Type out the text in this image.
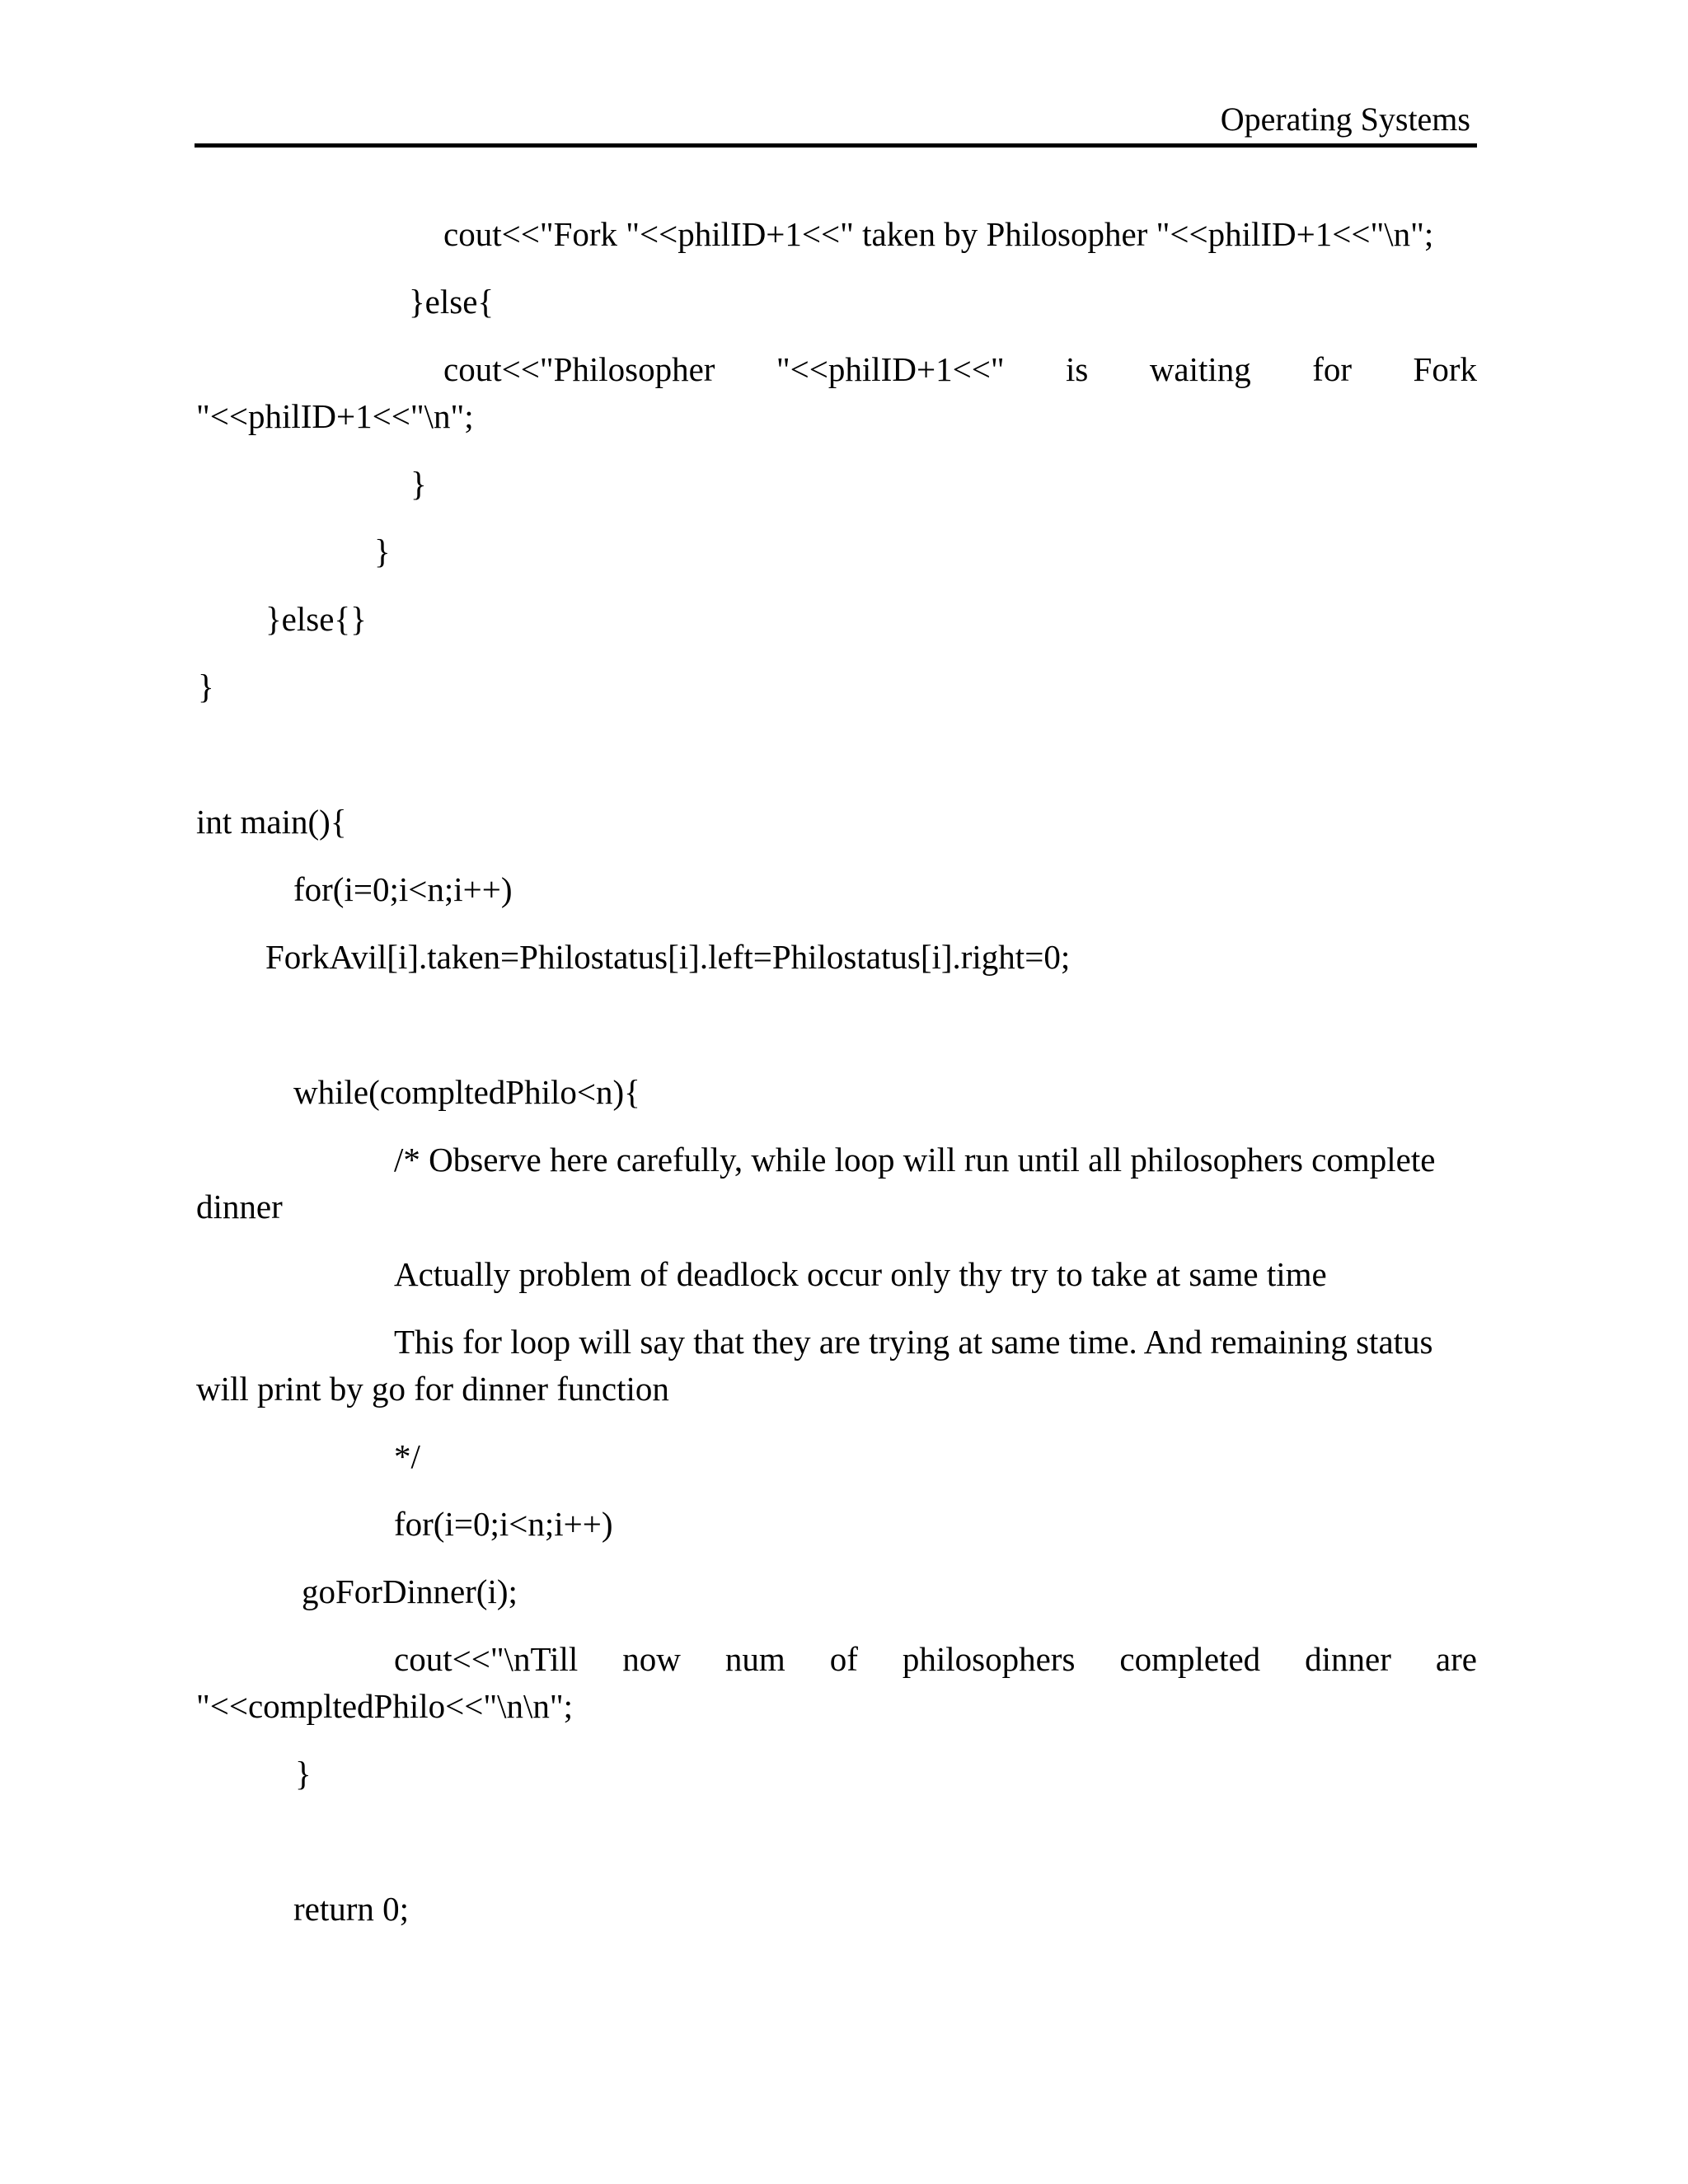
Operating Systems
cout<<"Fork "<<philID+1<<" taken by Philosopher "<<philID+1<<"\n";
}else{
cout<<"Philosopher "<<philID+1<<" is waiting for Fork
"<<philID+1<<"\n";
}
}
}else{}
}
int main(){
for(i=0;i<n;i++)
ForkAvil[i].taken=Philostatus[i].left=Philostatus[i].right=0;
while(compltedPhilo<n){
/* Observe here carefully, while loop will run until all philosophers complete
dinner
Actually problem of deadlock occur only thy try to take at same time
This for loop will say that they are trying at same time. And remaining status
will print by go for dinner function
*/
for(i=0;i<n;i++)
goForDinner(i);
cout<<"\nTill now num of philosophers completed dinner are
"<<compltedPhilo<<"\n\n";
}
return 0;
